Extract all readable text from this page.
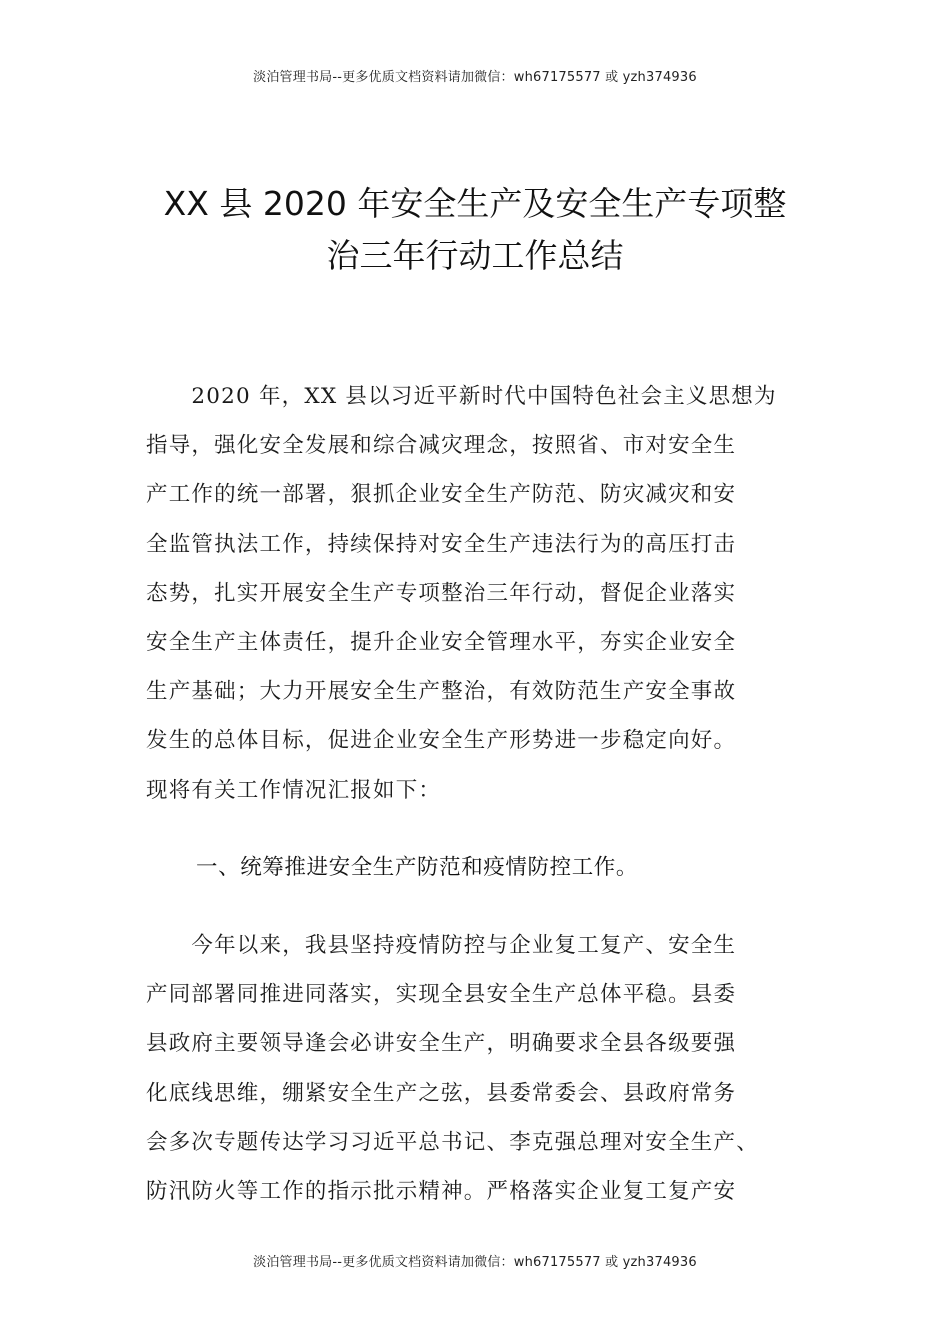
淡泊管理书局--更多优质文档资料请加微信：wh67175577 或 yzh374936
XX 县 2020 年安全生产及安全生产专项整
治三年行动工作总结
　　2020 年，XX 县以习近平新时代中国特色社会主义思想为
指导，强化安全发展和综合减灾理念，按照省、市对安全生
产工作的统一部署，狠抓企业安全生产防范、防灾减灾和安
全监管执法工作，持续保持对安全生产违法行为的高压打击
态势，扎实开展安全生产专项整治三年行动，督促企业落实
安全生产主体责任，提升企业安全管理水平，夯实企业安全
生产基础；大力开展安全生产整治，有效防范生产安全事故
发生的总体目标，促进企业安全生产形势进一步稳定向好。
现将有关工作情况汇报如下：
一、统筹推进安全生产防范和疫情防控工作。
　　今年以来，我县坚持疫情防控与企业复工复产、安全生
产同部署同推进同落实，实现全县安全生产总体平稳。县委
县政府主要领导逢会必讲安全生产，明确要求全县各级要强
化底线思维，绷紧安全生产之弦，县委常委会、县政府常务
会多次专题传达学习习近平总书记、李克强总理对安全生产、
防汛防火等工作的指示批示精神。严格落实企业复工复产安
淡泊管理书局--更多优质文档资料请加微信：wh67175577 或 yzh374936
